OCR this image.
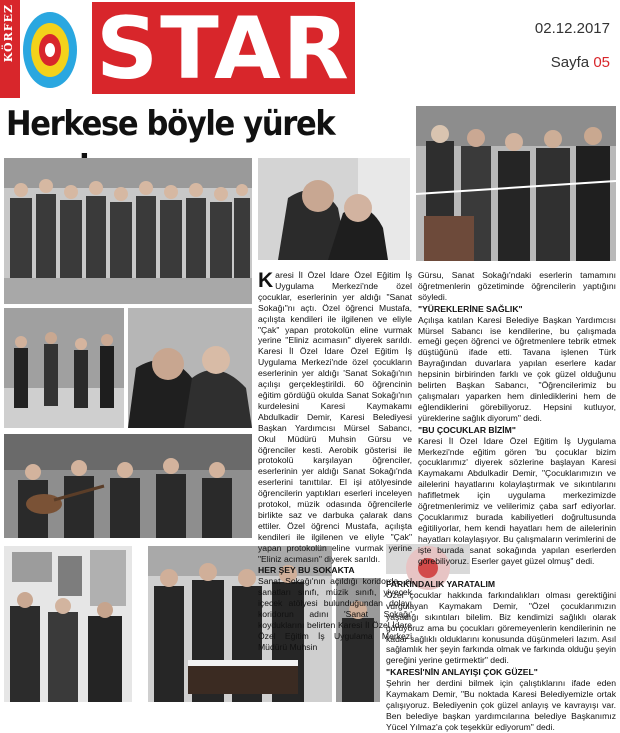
KÖRFEZ STAR	02.12.2017
Sayfa 05
Herkese böyle yürek

Karesi İl Özel İdare Özel Eğitim İş Uygulama Merkezi'nde özel çocuklar, eserlerinin yer aldığı "Sanat Sokağı"nı açtı. Özel öğrenci Mustafa, açılışta kendileri ile ilgilenen ve eliyle "Çak" yapan protokolün eline vurmak yerine "Eliniz acımasın" diyerek sarıldı. Karesi İl Özel İdare Özel Eğitim İş Uygulama Merkezi'nde özel çocukların eserlerinin yer aldığı 'Sanat Sokağı'nın açılışı gerçekleştirildi. 60 öğrencinin eğitim gördüğü okulda Sanat Sokağı'nın kurdelesini Karesi Kaymakamı Abdulkadir Demir, Karesi Belediyesi Başkan Yardımcısı Mürsel Sabancı, Okul Müdürü Muhsin Gürsu ve öğrenciler kesti. Aerobik gösterisi ile protokolü karşılayan öğrenciler, eserlerinin yer aldığı Sanat Sokağı'nda eserlerini tanıttılar. El işi atölyesinde öğrencilerin yaptıkları eserleri inceleyen protokol, müzik odasında öğrencilerle birlikte saz ve darbuka çalarak dans ettiler. Özel öğrenci Mustafa, açılışta kendileri ile ilgilenen ve eliyle "Çak" yapan protokolün eline vurmak yerine "Eliniz acımasın" diyerek sarıldı.

HER ŞEY BU SOKAKTA

Sanat Sokağı'nın açıldığı koridorda, el sanatları sınıfı, müzik sınıfı, yiyecek içecek atölyesi bulunduğundan dolayı koridorun adını 'Sanat Sokağı' koyduklarını belirten Karesi İl Özel İdare Özel Eğitim İş Uygulama Merkezi Müdürü Muhsin

Gürsu, Sanat Sokağı'ndaki eserlerin tamamını öğretmenlerin gözetiminde öğrencilerin yaptığını söyledi.

"YÜREKLERİNE SAĞLIK"

Açılışa katılan Karesi Belediye Başkan Yardımcısı Mürsel Sabancı ise kendilerine, bu çalışmada emeği geçen öğrenci ve öğretmenlere tebrik etmek düştüğünü ifade etti. Tavana işlenen Türk Bayrağından duvarlara yapılan eserlere kadar hepsinin birbirinden farklı ve çok güzel olduğunu belirten Başkan Sabancı, "Öğrencilerimiz bu çalışmaları yaparken hem dinlediklerini hem de eğlendiklerini görebiliyoruz. Hepsini kutluyor, yüreklerine sağlık diyorum" dedi.

"BU ÇOCUKLAR BİZİM"

Karesi İl Özel İdare Özel Eğitim İş Uygulama Merkezi'nde eğitim gören 'bu çocuklar bizim çocuklarımız' diyerek sözlerine başlayan Karesi Kaymakamı Abdulkadir Demir, "Çocuklarımızın ve ailelerini hayatlarını kolaylaştırmak ve sıkıntılarını hafifletmek için uygulama merkezimizde öğretmenlerimiz ve velilerimiz çaba sarf ediyorlar. Çocuklarımız burada kabiliyetleri doğrultusunda eğitiliyorlar, hem kendi hayatları hem de ailelerinin hayatları kolaylaşıyor. Bu çalışmaların verimlerini de işte burada sanat sokağında yapılan eserlerden görebiliyoruz. Eserler gayet güzel olmuş" dedi.

FARKINDALIK YARATALIM

Özel çocuklar hakkında farkındalıkları olması gerektiğini vurgulayan Kaymakam Demir, "Özel çocuklarımızın yaşadığı sıkıntıları bilelim. Biz kendimizi sağlıklı olarak görüyoruz ama bu çocukları göremeyenlerin kendilerinin ne kadar sağlıklı olduklarını konusunda düşünmeleri lazım. Asıl sağlamlık her şeyin farkında olmak ve farkında olduğu şeyin gereğini yerine getirmektir" dedi.

"KARESİ'NİN ANLAYIŞI ÇOK GÜZEL"

Şehrin her derdini bilmek için çalıştıklarını ifade eden Kaymakam Demir, "Bu noktada Karesi Belediyemizle ortak çalışıyoruz. Belediyenin çok güzel anlayış ve kavrayışı var. Ben belediye başkan yardımcılarına belediye Başkanımız Yücel Yılmaz'a çok teşekkür ediyorum" dedi.
